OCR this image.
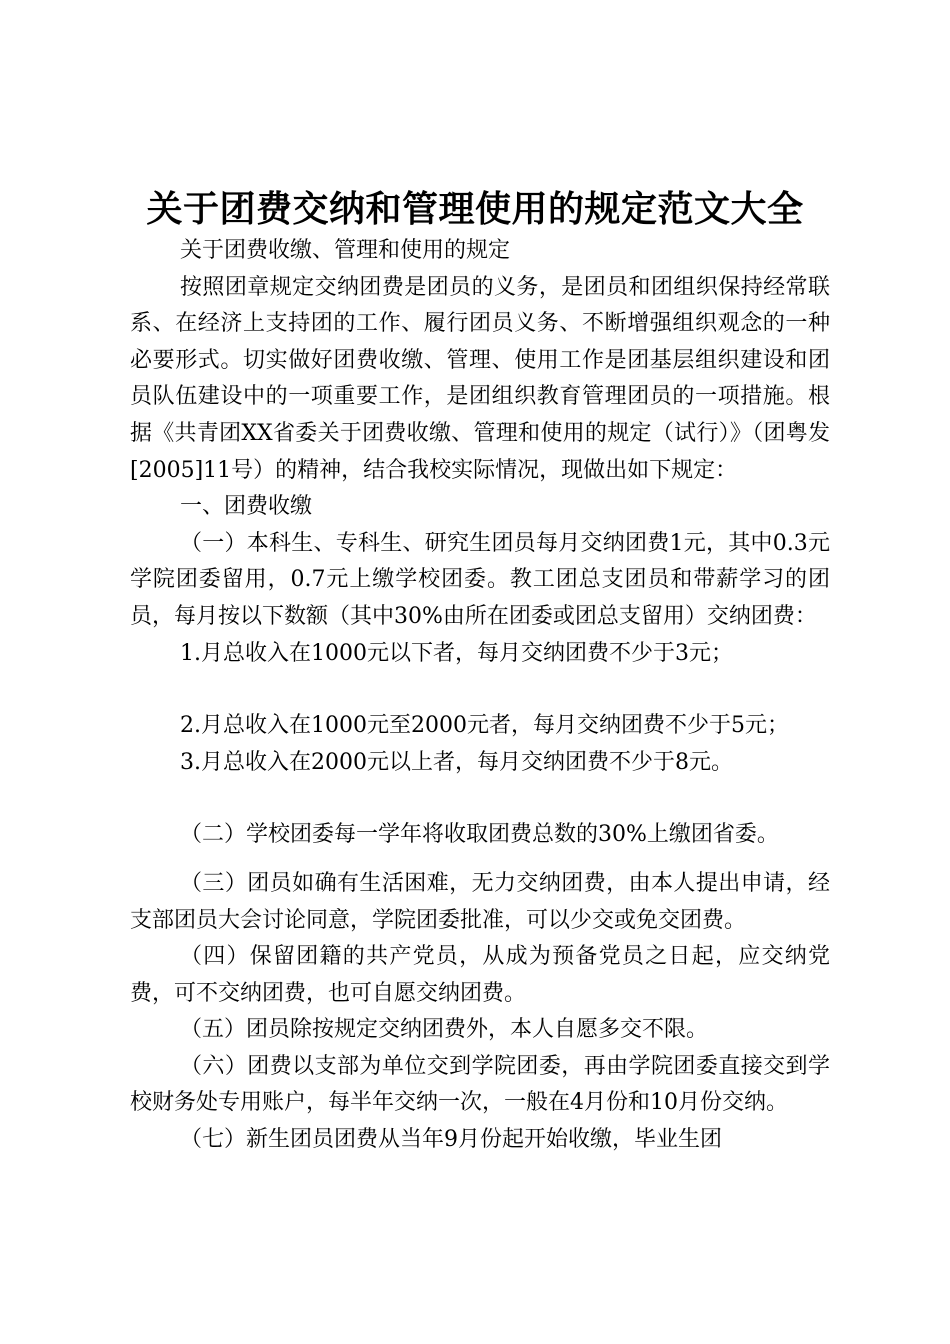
关于团费交纳和管理使用的规定范文大全

关于团费收缴、管理和使用的规定

按照团章规定交纳团费是团员的义务，是团员和团组织保持经常联系、在经济上支持团的工作、履行团员义务、不断增强组织观念的一种必要形式。切实做好团费收缴、管理、使用工作是团基层组织建设和团员队伍建设中的一项重要工作，是团组织教育管理团员的一项措施。根据《共青团XX省委关于团费收缴、管理和使用的规定（试行）》（团粤发[2005]11号）的精神，结合我校实际情况，现做出如下规定：

一、团费收缴

（一）本科生、专科生、研究生团员每月交纳团费1元，其中0.3元学院团委留用，0.7元上缴学校团委。教工团总支团员和带薪学习的团员，每月按以下数额（其中30%由所在团委或团总支留用）交纳团费：

1.月总收入在1000元以下者，每月交纳团费不少于3元；

2.月总收入在1000元至2000元者，每月交纳团费不少于5元；

3.月总收入在2000元以上者，每月交纳团费不少于8元。

（二）学校团委每一学年将收取团费总数的30%上缴团省委。

（三）团员如确有生活困难，无力交纳团费，由本人提出申请，经支部团员大会讨论同意，学院团委批准，可以少交或免交团费。

（四）保留团籍的共产党员，从成为预备党员之日起，应交纳党费，可不交纳团费，也可自愿交纳团费。

（五）团员除按规定交纳团费外，本人自愿多交不限。

（六）团费以支部为单位交到学院团委，再由学院团委直接交到学校财务处专用账户，每半年交纳一次，一般在4月份和10月份交纳。

（七）新生团员团费从当年9月份起开始收缴，毕业生团
